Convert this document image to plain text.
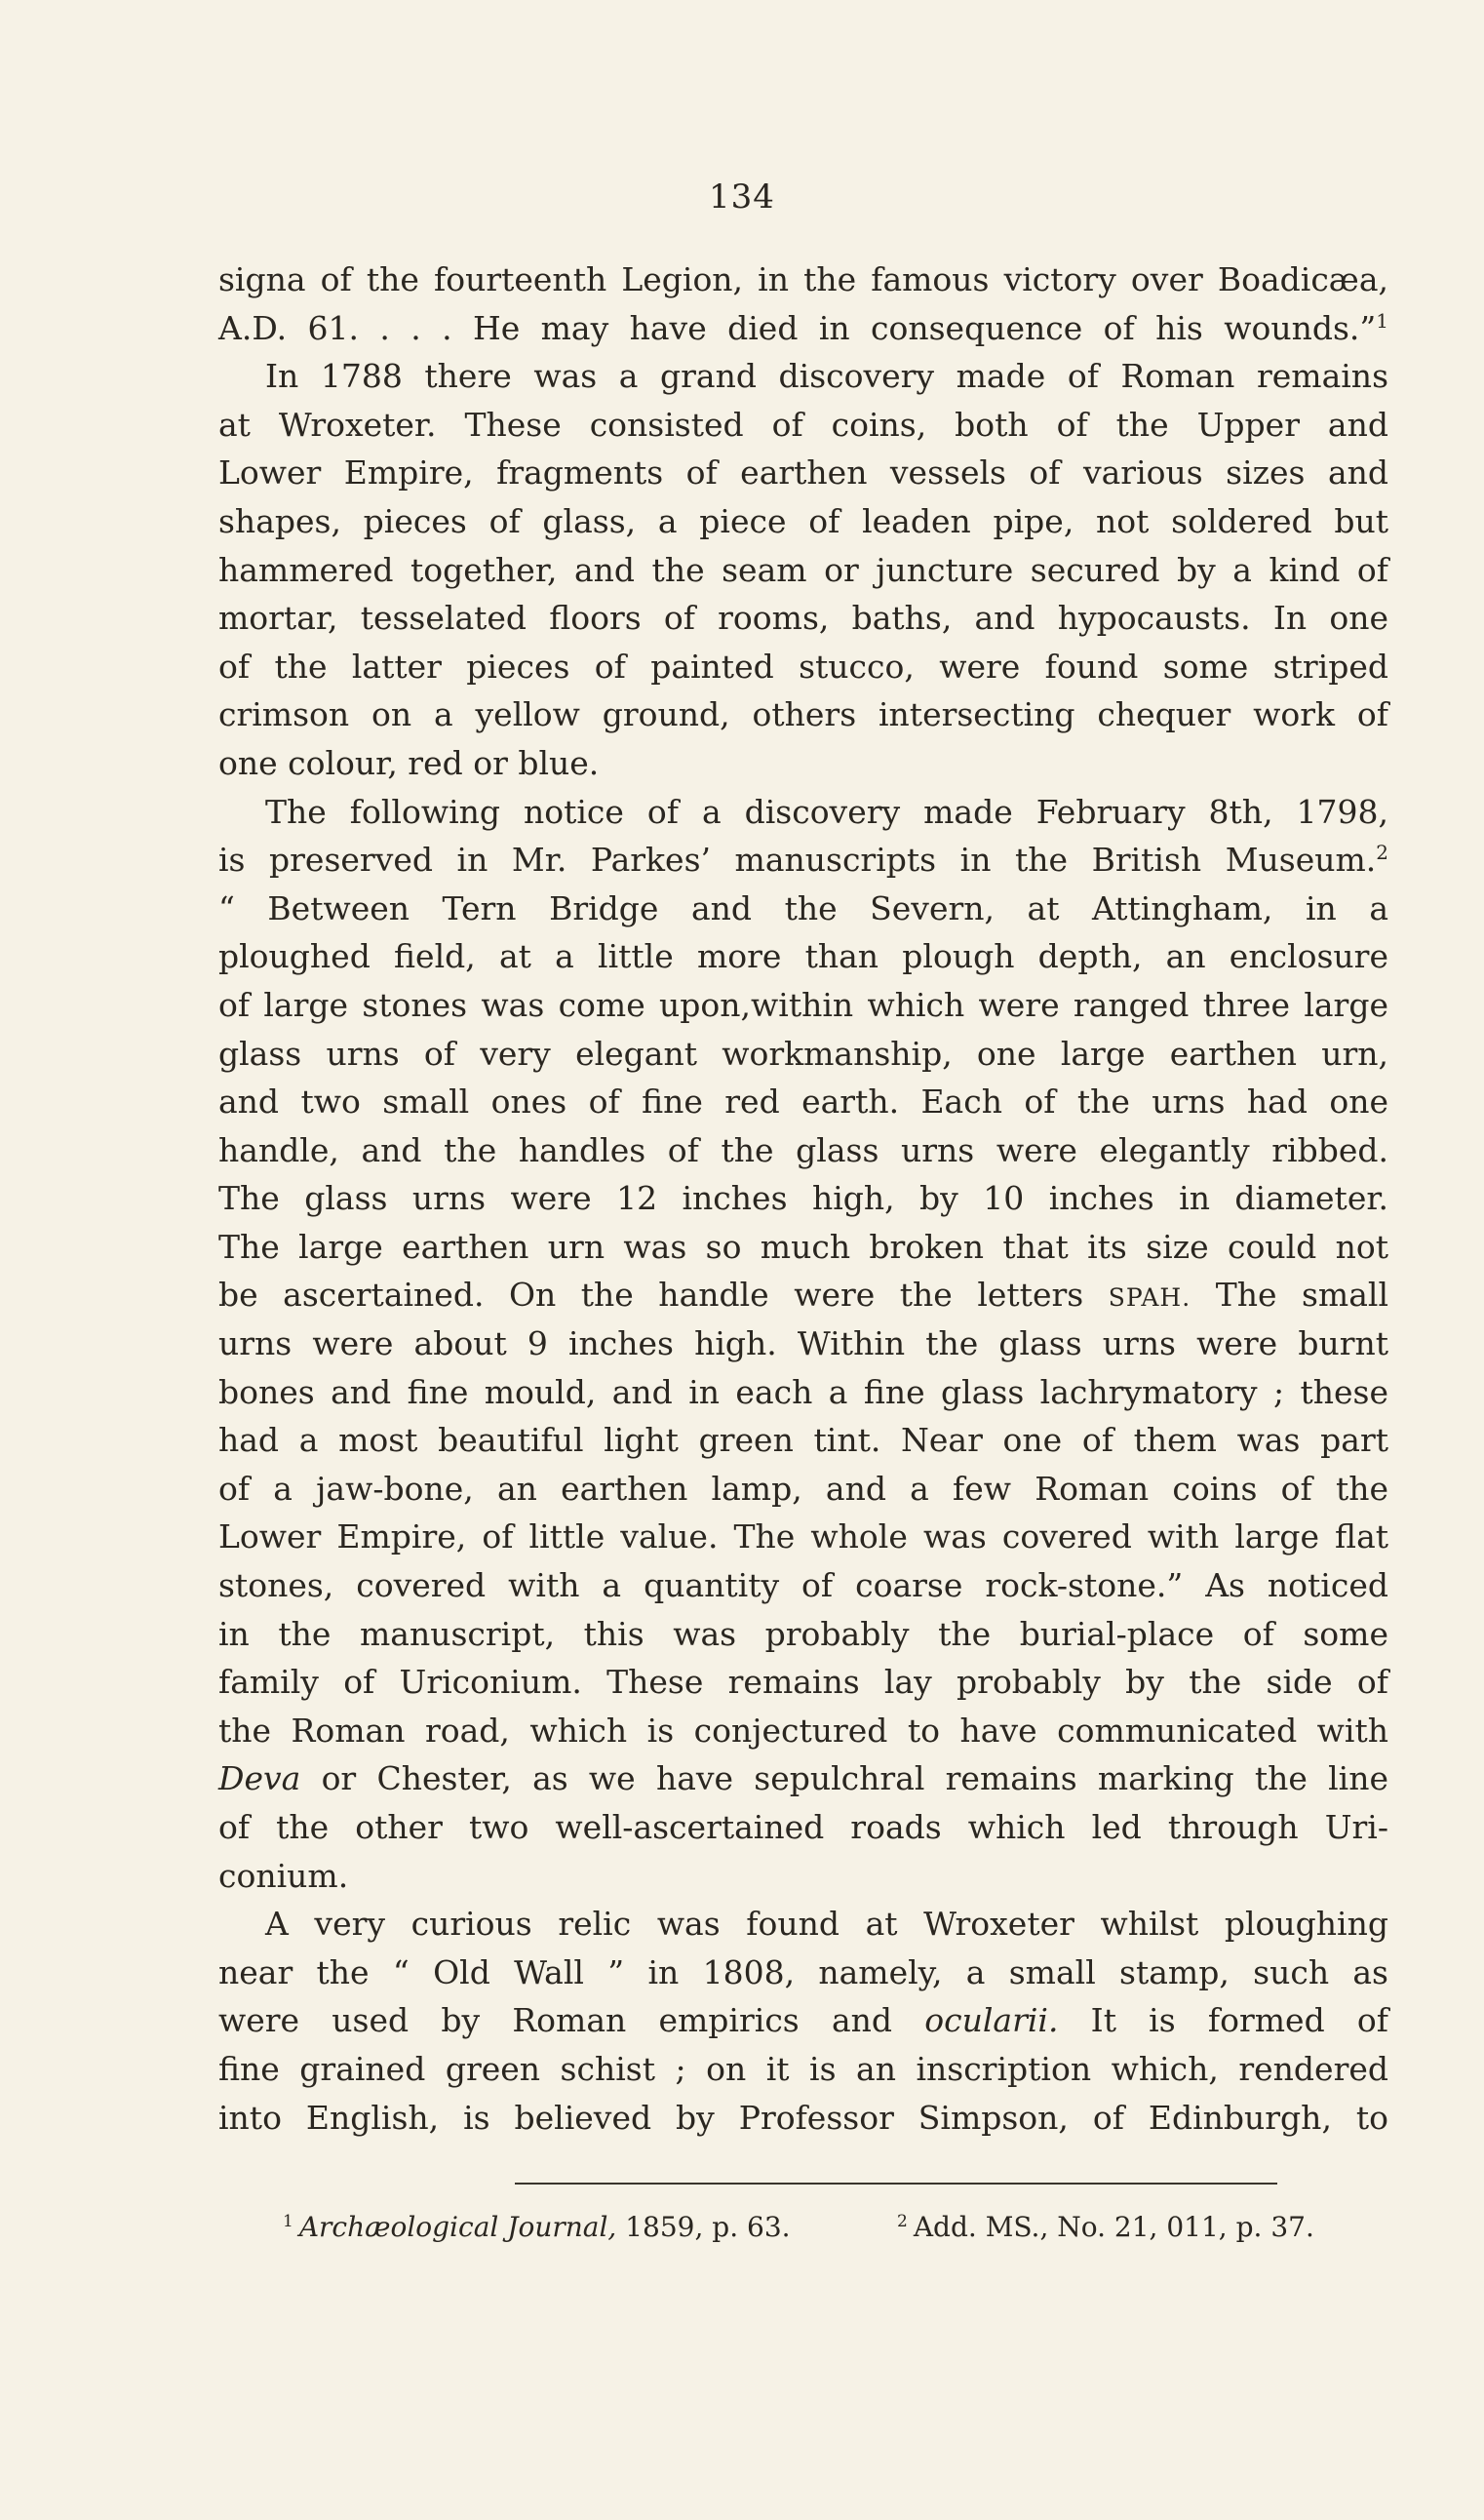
134
signa of the fourteenth Legion, in the famous victory over Boadicæa,
A.D. 61. . . . He may have died in consequence of his wounds.”$^1$
In 1788 there was a grand discovery made of Roman remains
at Wroxeter. These consisted of coins, both of the Upper and
Lower Empire, fragments of earthen vessels of various sizes and
shapes, pieces of glass, a piece of leaden pipe, not soldered but
hammered together, and the seam or juncture secured by a kind of
mortar, tesselated floors of rooms, baths, and hypocausts. In one
of the latter pieces of painted stucco, were found some striped
crimson on a yellow ground, others intersecting chequer work of
one colour, red or blue.
The following notice of a discovery made February 8th, 1798,
is preserved in Mr. Parkes’ manuscripts in the British Museum.$^2$
“ Between Tern Bridge and the Severn, at Attingham, in a
ploughed field, at a little more than plough depth, an enclosure
of large stones was come upon,within which were ranged three large
glass urns of very elegant workmanship, one large earthen urn,
and two small ones of fine red earth. Each of the urns had one
handle, and the handles of the glass urns were elegantly ribbed.
The glass urns were 12 inches high, by 10 inches in diameter.
The large earthen urn was so much broken that its size could not
be ascertained. On the handle were the letters SPAH. The small
urns were about 9 inches high. Within the glass urns were burnt
bones and fine mould, and in each a fine glass lachrymatory ; these
had a most beautiful light green tint. Near one of them was part
of a jaw-bone, an earthen lamp, and a few Roman coins of the
Lower Empire, of little value. The whole was covered with large flat
stones, covered with a quantity of coarse rock-stone.” As noticed
in the manuscript, this was probably the burial-place of some
family of Uriconium. These remains lay probably by the side of
the Roman road, which is conjectured to have communicated with
Deva or Chester, as we have sepulchral remains marking the line
of the other two well-ascertained roads which led through Uri-
conium.
A very curious relic was found at Wroxeter whilst ploughing
near the “ Old Wall ” in 1808, namely, a small stamp, such as
were used by Roman empirics and ocularii. It is formed of
fine grained green schist ; on it is an inscription which, rendered
into English, is believed by Professor Simpson, of Edinburgh, to
$^1$ Archæological Journal, 1859, p. 63.	$^2$ Add. MS., No. 21, 011, p. 37.
